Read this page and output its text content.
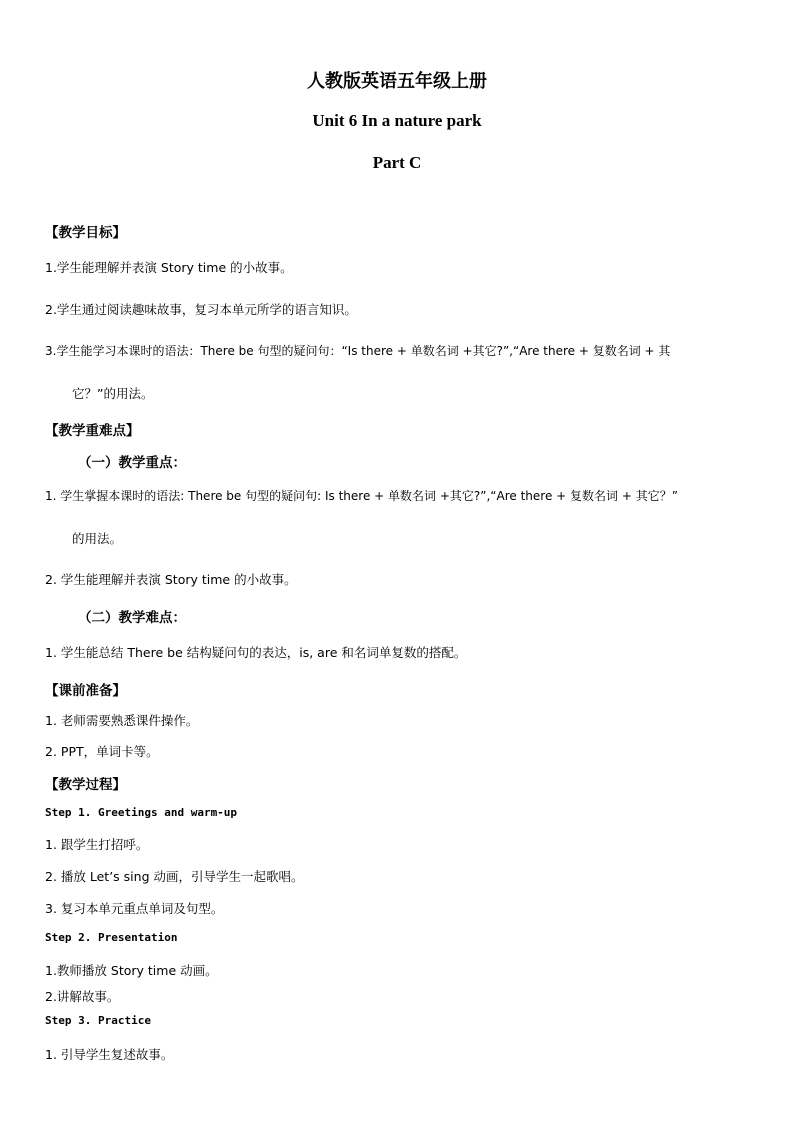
人教版英语五年级上册
Unit 6 In a nature park
Part C
【教学目标】
1.学生能理解并表演 Story time 的小故事。
2.学生通过阅读趣味故事，复习本单元所学的语言知识。
3.学生能学习本课时的语法：There be 句型的疑问句：“Is there + 单数名词 +其它?”,“Are there + 复数名词 + 其
它？”的用法。
【教学重难点】
（一）教学重点：
1. 学生掌握本课时的语法: There be 句型的疑问句: Is there + 单数名词 +其它?”,“Are there + 复数名词 + 其它？”
的用法。
2. 学生能理解并表演 Story time 的小故事。
（二）教学难点：
1. 学生能总结 There be 结构疑问句的表达，is, are 和名词单复数的搭配。
【课前准备】
1. 老师需要熟悉课件操作。
2. PPT，单词卡等。
【教学过程】
Step 1. Greetings and warm-up
1. 跟学生打招呼。
2. 播放 Let’s sing 动画，引导学生一起歌唱。
3. 复习本单元重点单词及句型。
Step 2. Presentation
1.教师播放 Story time 动画。
2.讲解故事。
Step 3. Practice
1. 引导学生复述故事。
